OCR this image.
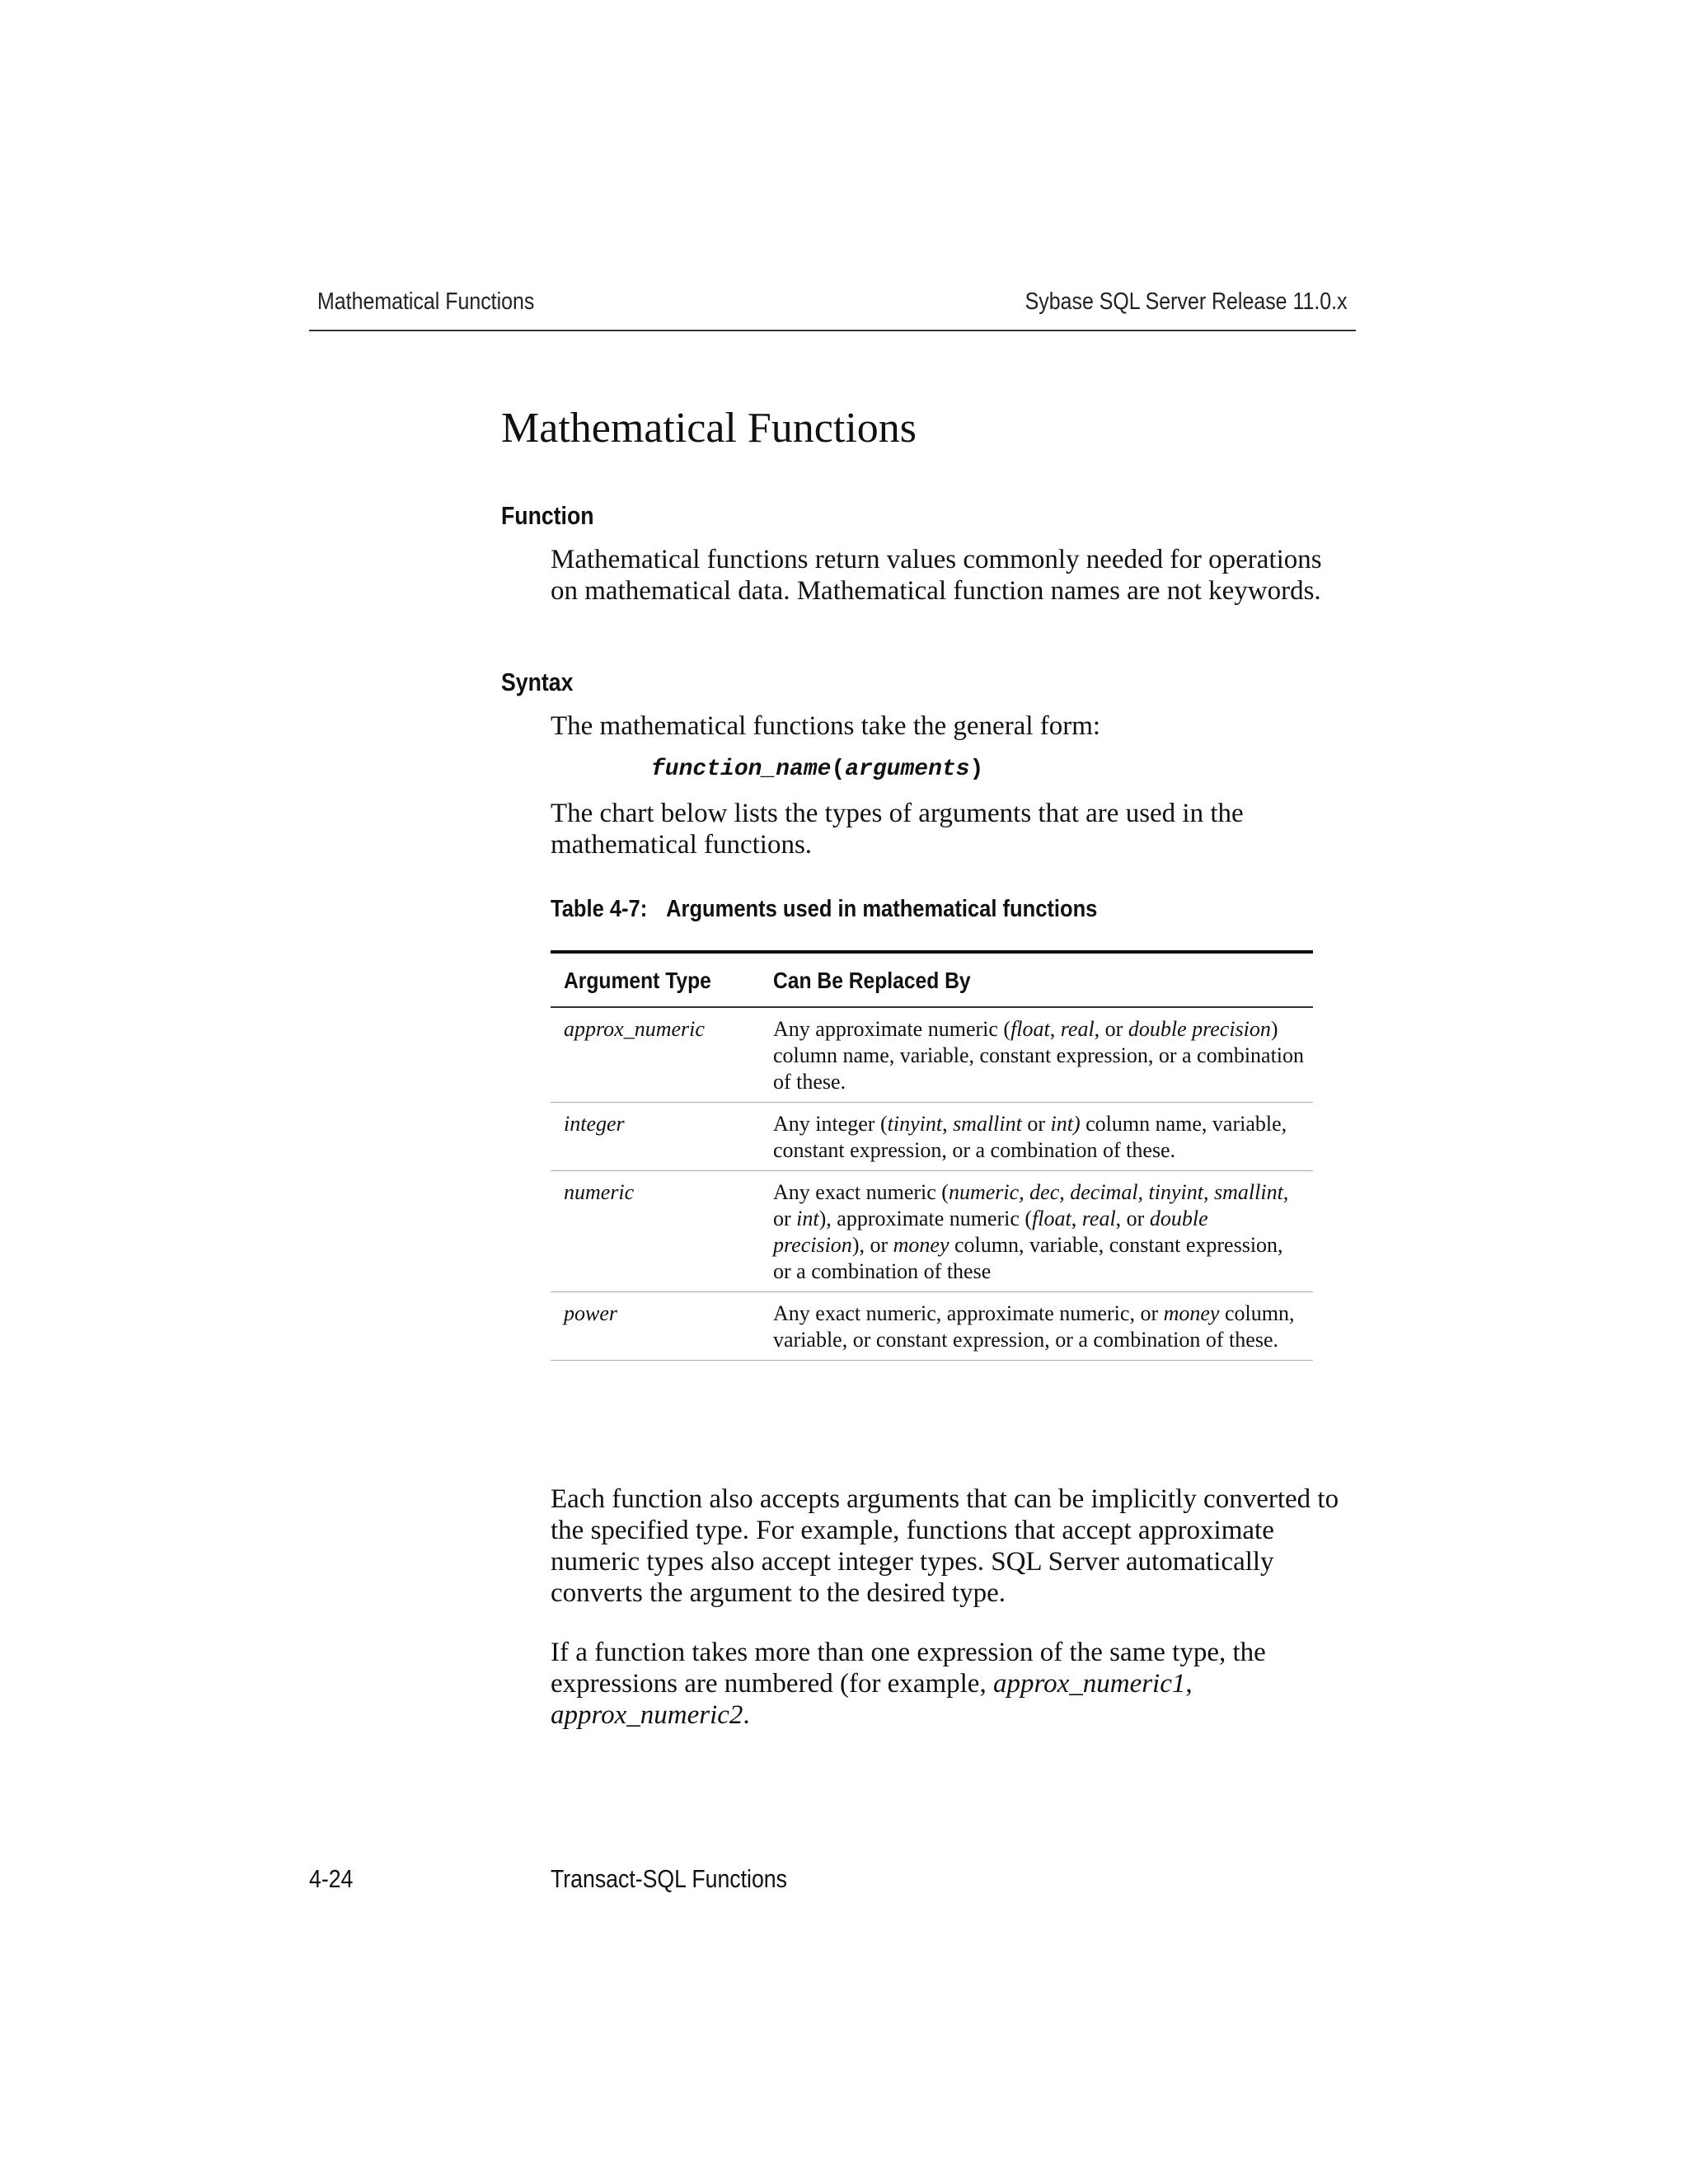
Mathematical Functions	Sybase SQL Server Release 11.0.x
Mathematical Functions
Function

Mathematical functions return values commonly needed for operations on mathematical data. Mathematical function names are not keywords.

Syntax

The mathematical functions take the general form:

function_name(arguments)

The chart below lists the types of arguments that are used in the mathematical functions.

Table 4-7: Arguments used in mathematical functions
Argument Type	Can Be Replaced By
approx_numeric	Any approximate numeric (float, real, or double precision) column name, variable, constant expression, or a combination of these.
integer	Any integer (tinyint, smallint or int) column name, variable, constant expression, or a combination of these.
numeric	Any exact numeric (numeric, dec, decimal, tinyint, smallint, or int), approximate numeric (float, real, or double precision), or money column, variable, constant expression, or a combination of these
power	Any exact numeric, approximate numeric, or money column, variable, or constant expression, or a combination of these.

Each function also accepts arguments that can be implicitly converted to the specified type. For example, functions that accept approximate numeric types also accept integer types. SQL Server automatically converts the argument to the desired type.

If a function takes more than one expression of the same type, the expressions are numbered (for example, approx_numeric1, approx_numeric2.

4-24	Transact-SQL Functions
